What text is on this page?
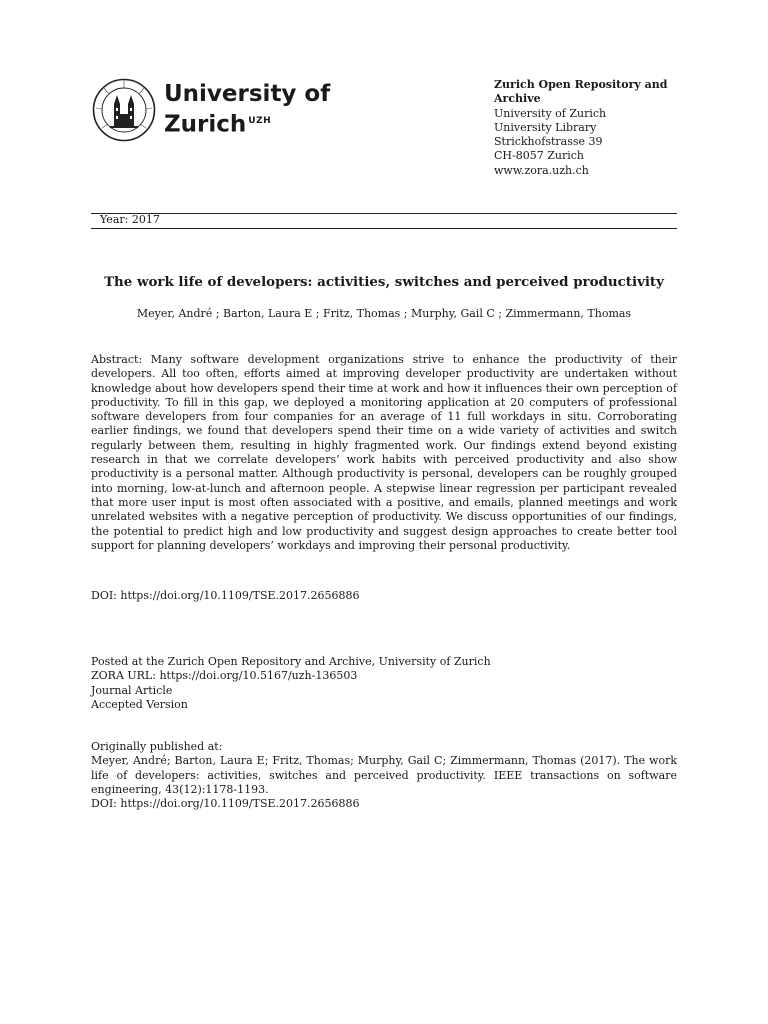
University of
Zurich $^{UZH}$
Zurich Open Repository and
Archive
University of Zurich
University Library
Strickhofstrasse 39
CH-8057 Zurich
www.zora.uzh.ch
Year: 2017
The work life of developers: activities, switches and perceived productivity
Meyer, André ; Barton, Laura E ; Fritz, Thomas ; Murphy, Gail C ; Zimmermann, Thomas
Abstract: Many software development organizations strive to enhance the productivity of their developers. All too often, efforts aimed at improving developer productivity are undertaken without knowledge about how developers spend their time at work and how it influences their own perception of productivity. To fill in this gap, we deployed a monitoring application at 20 computers of professional software developers from four companies for an average of 11 full workdays in situ. Corroborating earlier findings, we found that developers spend their time on a wide variety of activities and switch regularly between them, resulting in highly fragmented work. Our findings extend beyond existing research in that we correlate developers’ work habits with perceived productivity and also show productivity is a personal matter. Although productivity is personal, developers can be roughly grouped into morning, low-at-lunch and afternoon people. A stepwise linear regression per participant revealed that more user input is most often associated with a positive, and emails, planned meetings and work unrelated websites with a negative perception of productivity. We discuss opportunities of our findings, the potential to predict high and low productivity and suggest design approaches to create better tool support for planning developers’ workdays and improving their personal productivity.
DOI: https://doi.org/10.1109/TSE.2017.2656886
Posted at the Zurich Open Repository and Archive, University of Zurich
ZORA URL: https://doi.org/10.5167/uzh-136503
Journal Article
Accepted Version
Originally published at:
Meyer, André; Barton, Laura E; Fritz, Thomas; Murphy, Gail C; Zimmermann, Thomas (2017). The work life of developers: activities, switches and perceived productivity. IEEE transactions on software engineering, 43(12):1178-1193.
DOI: https://doi.org/10.1109/TSE.2017.2656886
